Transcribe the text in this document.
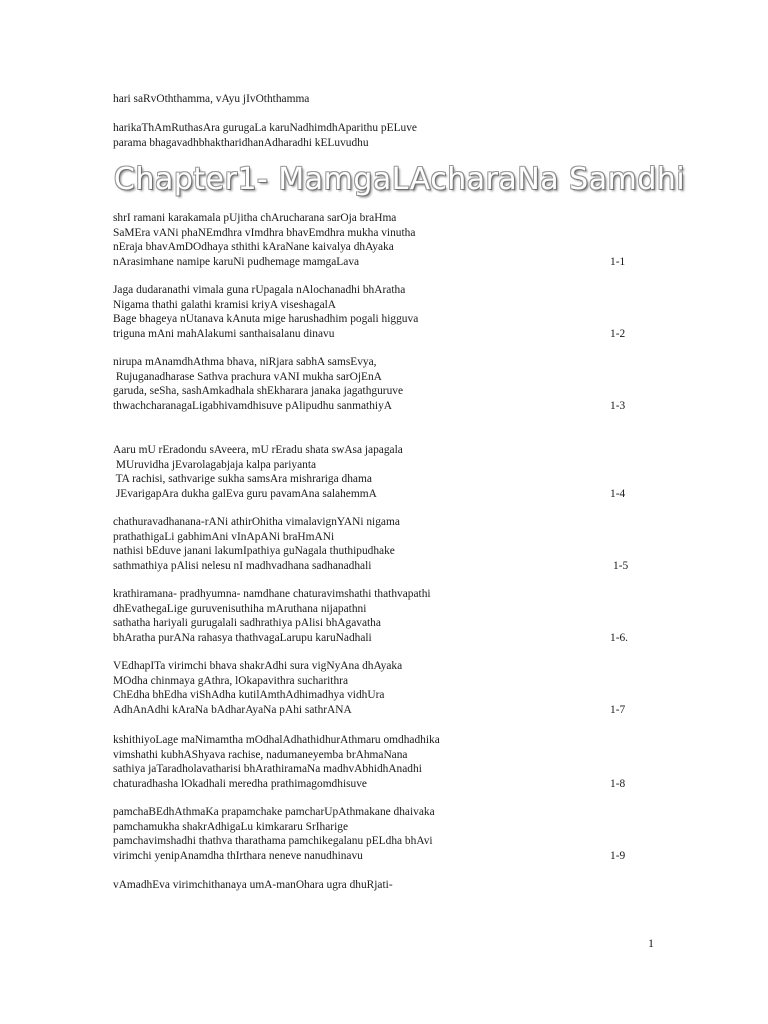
hari saRvOththamma, vAyu jIvOththamma
harikaThAmRuthasAra gurugaLa karuNadhimdhAparithu pELuve
parama bhagavadhbhaktharidhanAdharadhi kELuvudhu
Chapter1- MamgaLAcharaNa Samdhi
shrI ramani karakamala pUjitha chArucharana sarOja braHma
SaMEra vANi phaNEmdhra vImdhra bhavEmdhra mukha vinutha
nEraja bhavAmDOdhaya sthithi kAraNane kaivalya dhAyaka
nArasimhane namipe karuNi pudhemage mamgaLava	1-1
Jaga dudaranathi vimala guna rUpagala nAlochanadhi bhAratha
Nigama thathi galathi kramisi kriyA viseshagalA
Bage bhageya nUtanava kAnuta mige harushadhim pogali higguva
triguna mAni mahAlakumi santhaisalanu dinavu	1-2
nirupa mAnamdhAthma bhava, niRjara sabhA samsEvya,
Rujuganadharase Sathva prachura vANI mukha sarOjEnA
garuda, seSha, sashAmkadhala shEkharara janaka jagathguruve
thwachcharanagaLigabhivamdhisuve pAlipudhu sanmathiyA	1-3
Aaru mU rEradondu sAveera, mU rEradu shata swAsa japagala
MUruvidha jEvarolagabjaja kalpa pariyanta
TA rachisi, sathvarige sukha samsAra mishrariga dhama
JEvarigapAra dukha galEva guru pavamAna salahemmA	1-4
chathuravadhanana-rANi athirOhitha vimalavignYANi nigama
prathathigaLi gabhimAni vInApANi braHmANi
nathisi bEduve janani lakumIpathiya guNagala thuthipudhake
sathmathiya pAlisi nelesu nI madhvadhana sadhanadhali	1-5
krathiramana- pradhyumna- namdhane chaturavimshathi thathvapathi
dhEvathegaLige guruvenisuthiha mAruthana nijapathni
sathatha hariyali gurugalali sadhrathiya pAlisi bhAgavatha
bhAratha purANa rahasya thathvagaLarupu karuNadhali	1-6.
VEdhapITa virimchi bhava shakrAdhi sura vigNyAna dhAyaka
MOdha chinmaya gAthra, lOkapavithra sucharithra
ChEdha bhEdha viShAdha kutilAmthAdhimadhya vidhUra
AdhAnAdhi kAraNa bAdharAyaNa pAhi sathrANA	1-7
kshithiyoLage maNimamtha mOdhalAdhathidhurAthmaru omdhadhika
vimshathi kubhAShyava rachise, nadumaneyemba brAhmaNana
sathiya jaTaradholavatharisi bhArathiramaNa madhvAbhidhAnadhi
chaturadhasha lOkadhali meredha prathimagomdhisuve	1-8
pamchaBEdhAthmaKa prapamchake pamcharUpAthmakane dhaivaka
pamchamukha shakrAdhigaLu kimkararu SrIharige
pamchavimshadhi thathva tharathama pamchikegalanu pELdha bhAvi
virimchi yenipAnamdha thIrthara neneve nanudhinavu	1-9
vAmadhEva virimchithanaya umA-manOhara ugra dhuRjati-
1
